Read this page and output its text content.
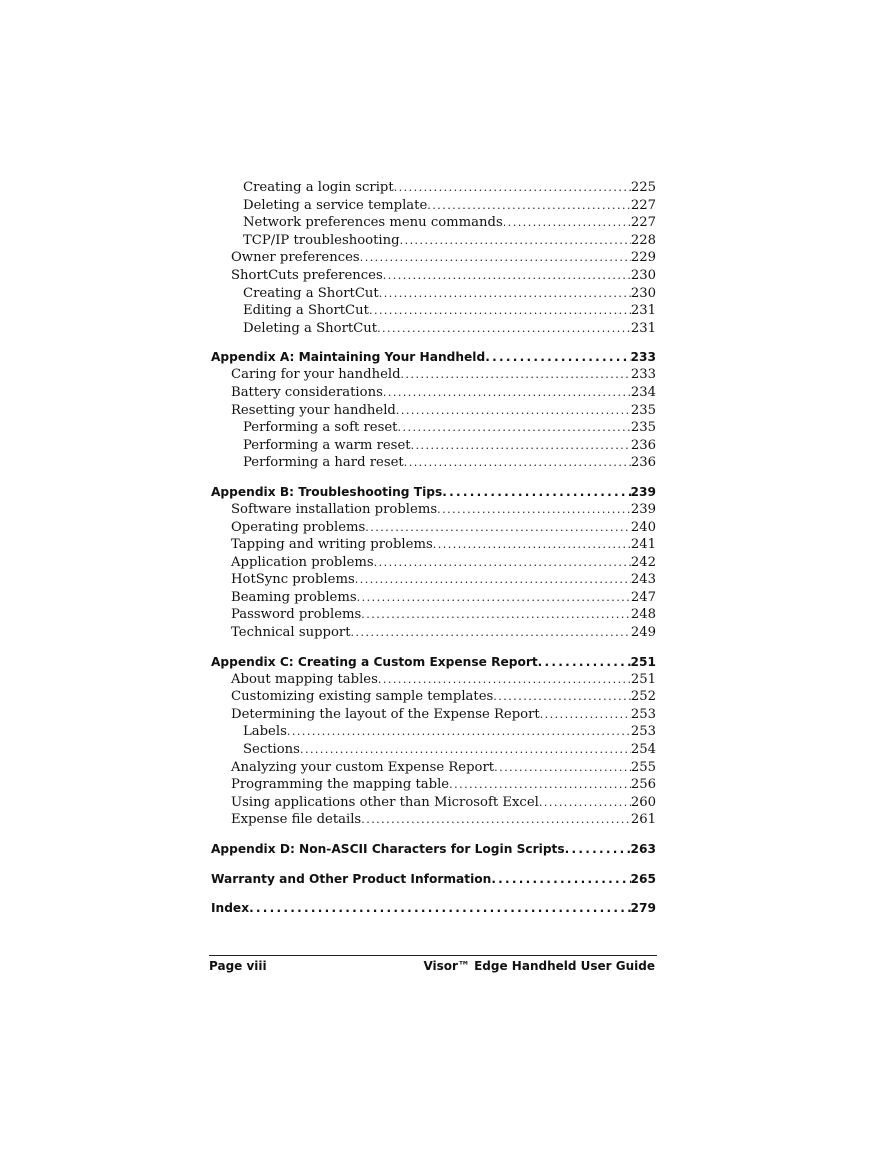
Creating a login script . . .	225
Deleting a service template . . .	227
Network preferences menu commands . . .	227
TCP/IP troubleshooting . . .	228
Owner preferences . . .	229
ShortCuts preferences . . .	230
Creating a ShortCut . . .	230
Editing a ShortCut . . .	231
Deleting a ShortCut . . .	231
Appendix A: Maintaining Your Handheld . . .	233
Caring for your handheld . . .	233
Battery considerations . . .	234
Resetting your handheld . . .	235
Performing a soft reset . . .	235
Performing a warm reset . . .	236
Performing a hard reset . . .	236
Appendix B: Troubleshooting Tips . . .	239
Software installation problems . . .	239
Operating problems . . .	240
Tapping and writing problems . . .	241
Application problems . . .	242
HotSync problems . . .	243
Beaming problems . . .	247
Password problems . . .	248
Technical support . . .	249
Appendix C: Creating a Custom Expense Report . . .	251
About mapping tables . . .	251
Customizing existing sample templates . . .	252
Determining the layout of the Expense Report . . .	253
Labels . . .	253
Sections . . .	254
Analyzing your custom Expense Report . . .	255
Programming the mapping table . . .	256
Using applications other than Microsoft Excel . . .	260
Expense file details . . .	261
Appendix D: Non-ASCII Characters for Login Scripts . . .	263
Warranty and Other Product Information . . .	265
Index . . .	279
Page viii	Visor™ Edge Handheld User Guide
